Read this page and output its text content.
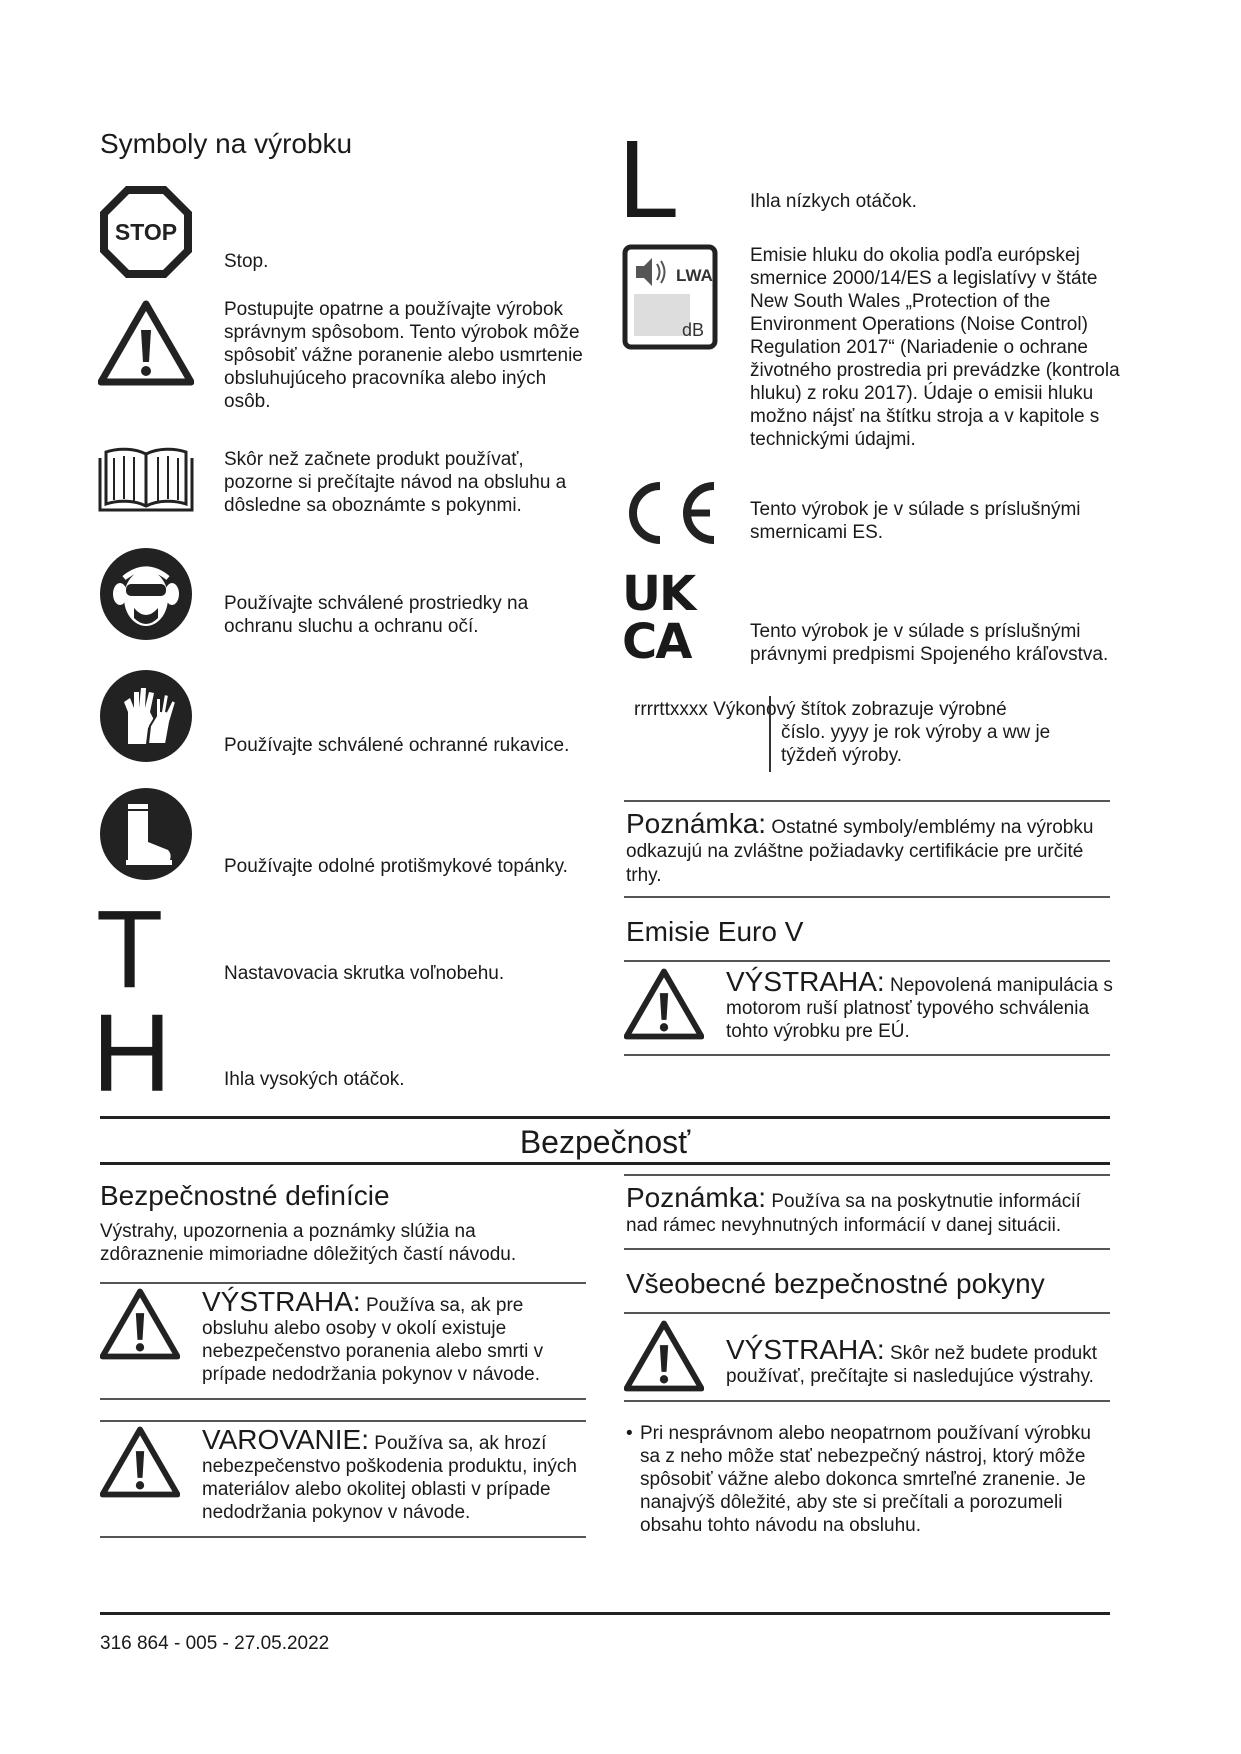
Symboly na výrobku
STOP
Stop.
Postupujte opatrne a používajte výrobok správnym spôsobom. Tento výrobok môže spôsobiť vážne poranenie alebo usmrtenie obsluhujúceho pracovníka alebo iných osôb.
Skôr než začnete produkt používať, pozorne si prečítajte návod na obsluhu a dôsledne sa oboznámte s pokynmi.
Používajte schválené prostriedky na ochranu sluchu a ochranu očí.
Používajte schválené ochranné rukavice.
Používajte odolné protišmykové topánky.
T	Nastavovacia skrutka voľnobehu.
H	Ihla vysokých otáčok.
L	Ihla nízkych otáčok.
LWA
dB
Emisie hluku do okolia podľa európskej smernice 2000/14/ES a legislatívy v štáte New South Wales „Protection of the Environment Operations (Noise Control) Regulation 2017“ (Nariadenie o ochrane životného prostredia pri prevádzke (kontrola hluku) z roku 2017). Údaje o emisii hluku možno nájsť na štítku stroja a v kapitole s technickými údajmi.
Tento výrobok je v súlade s príslušnými smernicami ES.
UK
CA	Tento výrobok je v súlade s príslušnými právnymi predpismi Spojeného kráľovstva.
rrrrttxxxx Výkonový štítok zobrazuje výrobné
číslo. yyyy je rok výroby a ww je týždeň výroby.
Poznámka: Ostatné symboly/emblémy na výrobku odkazujú na zvláštne požiadavky certifikácie pre určité trhy.
Emisie Euro V
VÝSTRAHA: Nepovolená manipulácia s motorom ruší platnosť typového schválenia tohto výrobku pre EÚ.
Bezpečnosť
Bezpečnostné definície
Výstrahy, upozornenia a poznámky slúžia na zdôraznenie mimoriadne dôležitých častí návodu.
VÝSTRAHA: Používa sa, ak pre obsluhu alebo osoby v okolí existuje nebezpečenstvo poranenia alebo smrti v prípade nedodržania pokynov v návode.
VAROVANIE: Používa sa, ak hrozí nebezpečenstvo poškodenia produktu, iných materiálov alebo okolitej oblasti v prípade nedodržania pokynov v návode.
Poznámka: Používa sa na poskytnutie informácií nad rámec nevyhnutných informácií v danej situácii.
Všeobecné bezpečnostné pokyny
VÝSTRAHA: Skôr než budete produkt používať, prečítajte si nasledujúce výstrahy.
• Pri nesprávnom alebo neopatrnom používaní výrobku sa z neho môže stať nebezpečný nástroj, ktorý môže spôsobiť vážne alebo dokonca smrteľné zranenie. Je nanajvýš dôležité, aby ste si prečítali a porozumeli obsahu tohto návodu na obsluhu.
316 864 - 005 - 27.05.2022
